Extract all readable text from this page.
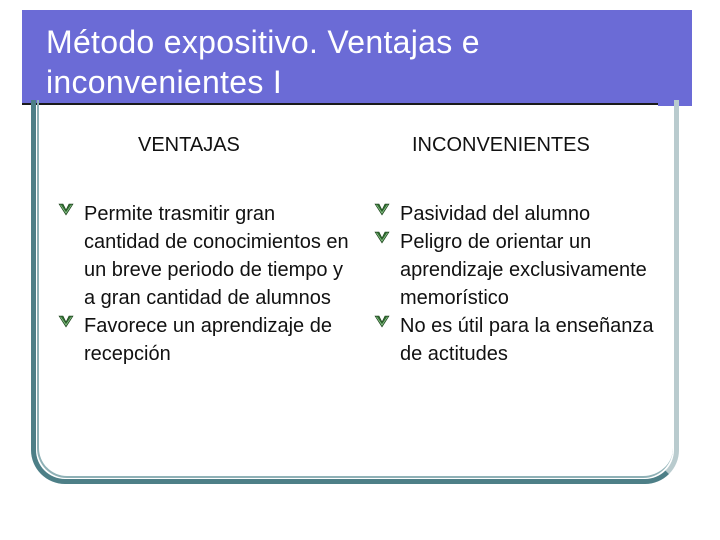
Método expositivo. Ventajas e inconvenientes I
VENTAJAS	INCONVENIENTES
Permite trasmitir gran cantidad de conocimientos en un breve periodo de tiempo y a gran cantidad de alumnos
Favorece un aprendizaje de recepción
Pasividad del alumno
Peligro de orientar un aprendizaje exclusivamente memorístico
No es útil para la enseñanza de actitudes
